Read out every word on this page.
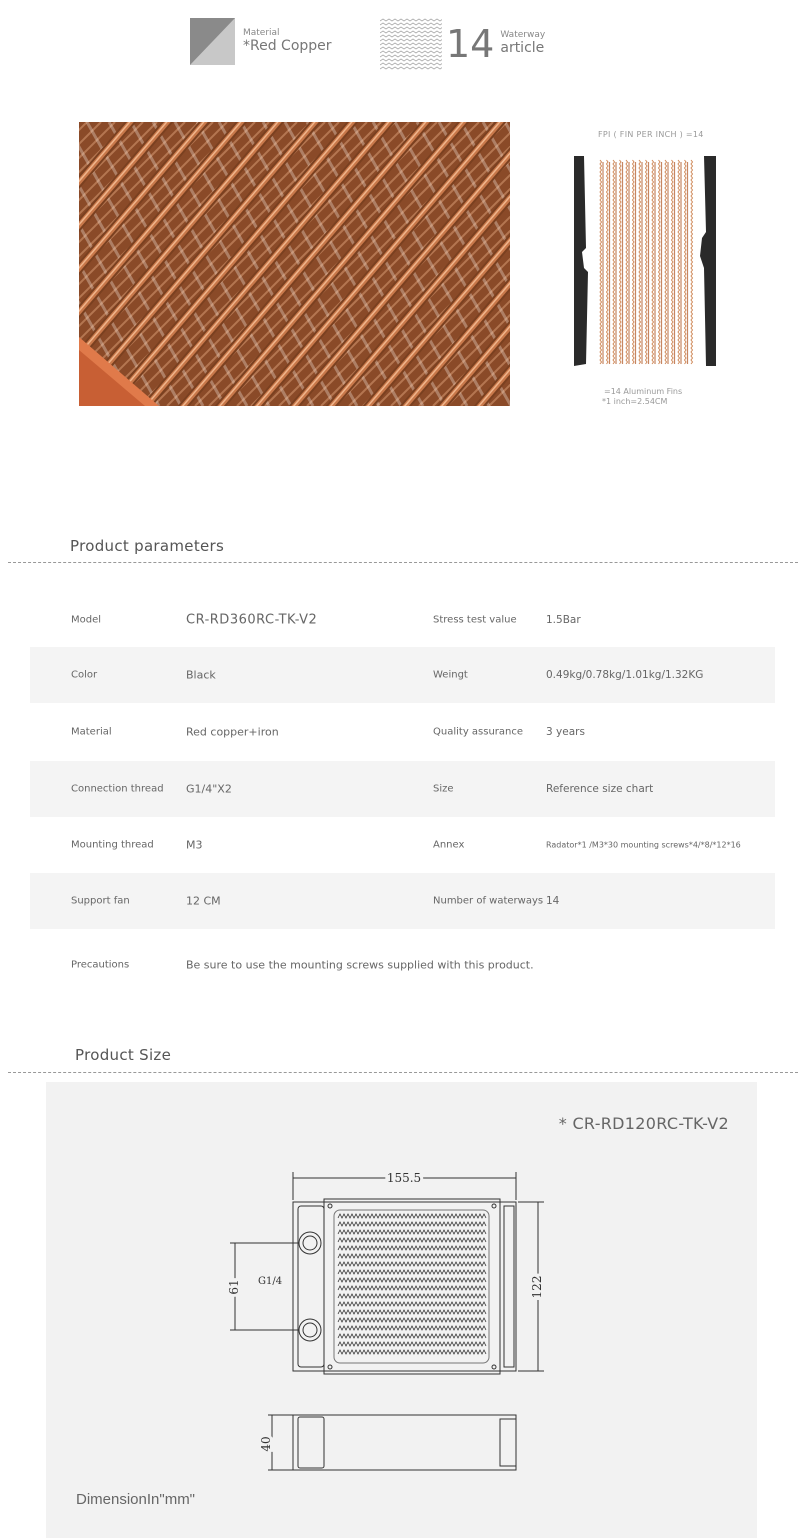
Material
*Red Copper	14 Waterway
article
FPI ( FIN PER INCH ) =14
=14 Aluminum Fins
*1 inch=2.54CM
Product parameters
Model	CR-RD360RC-TK-V2	Stress test value	1.5Bar
Color	Black	Weingt	0.49kg/0.78kg/1.01kg/1.32KG
Material	Red copper+iron	Quality assurance 3 years
Connection thread G1/4"X2	Size	Reference size chart
Mounting thread	M3	Annex	Radator*1 /M3*30 mounting screws*4/*8/*12*16
Support fan	12 CM	Number of waterways 14
Precautions	Be sure to use the mounting screws supplied with this product.
Product Size
155.5
122
61 G1/4
40
* CR-RD120RC-TK-V2
DimensionIn"mm"
